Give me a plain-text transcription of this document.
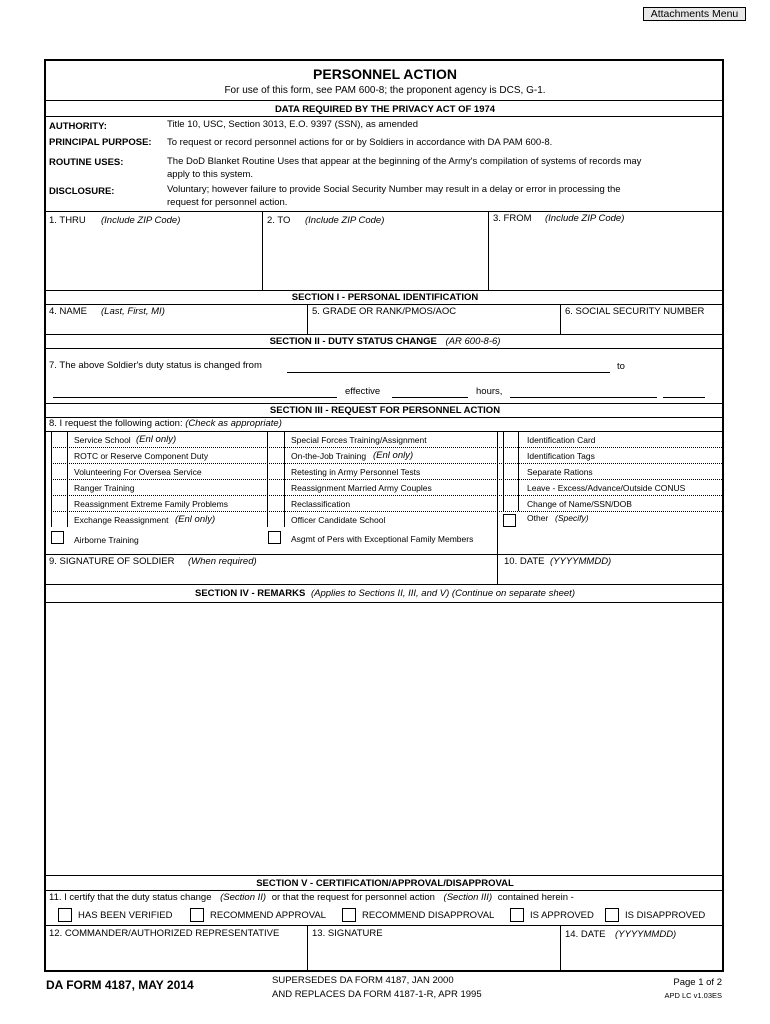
Attachments Menu
PERSONNEL ACTION
For use of this form, see PAM 600-8; the proponent agency is DCS, G-1.
DATA REQUIRED BY THE PRIVACY ACT OF 1974
AUTHORITY:	Title 10, USC, Section 3013, E.O. 9397 (SSN), as amended
PRINCIPAL PURPOSE: To request or record personnel actions for or by Soldiers in accordance with DA PAM 600-8.
ROUTINE USES:	The DoD Blanket Routine Uses that appear at the beginning of the Army's compilation of systems of records may
apply to this system.
DISCLOSURE:	Voluntary; however failure to provide Social Security Number may result in a delay or error in processing the
request for personnel action.
1. THRU (Include ZIP Code)	2. TO (Include ZIP Code)	3. FROM (Include ZIP Code)
SECTION I - PERSONAL IDENTIFICATION
4. NAME (Last, First, MI)	5. GRADE OR RANK/PMOS/AOC	6. SOCIAL SECURITY NUMBER
SECTION II - DUTY STATUS CHANGE (AR 600-8-6)
7. The above Soldier's duty status is changed from	to
effective	hours,
SECTION III - REQUEST FOR PERSONNEL ACTION
8. I request the following action: (Check as appropriate)
Service School (Enl only)
ROTC or Reserve Component Duty
Volunteering For Oversea Service
Ranger Training
Reassignment Extreme Family Problems
Exchange Reassignment (Enl only)
Airborne Training
Special Forces Training/Assignment
On-the-Job Training (Enl only)
Retesting in Army Personnel Tests
Reassignment Married Army Couples
Reclassification
Officer Candidate School
Asgmt of Pers with Exceptional Family Members
Identification Card
Identification Tags
Separate Rations
Leave - Excess/Advance/Outside CONUS
Change of Name/SSN/DOB
Other (Specify)
9. SIGNATURE OF SOLDIER (When required)	10. DATE (YYYYMMDD)
SECTION IV - REMARKS (Applies to Sections II, III, and V) (Continue on separate sheet)
SECTION V - CERTIFICATION/APPROVAL/DISAPPROVAL
11. I certify that the duty status change (Section II) or that the request for personnel action (Section III) contained herein -
HAS BEEN VERIFIED	RECOMMEND APPROVAL	RECOMMEND DISAPPROVAL	IS APPROVED	IS DISAPPROVED
12. COMMANDER/AUTHORIZED REPRESENTATIVE	13. SIGNATURE	14. DATE (YYYYMMDD)
DA FORM 4187, MAY 2014	SUPERSEDES DA FORM 4187, JAN 2000
AND REPLACES DA FORM 4187-1-R, APR 1995
Page 1 of 2
APD LC v1.03ES
